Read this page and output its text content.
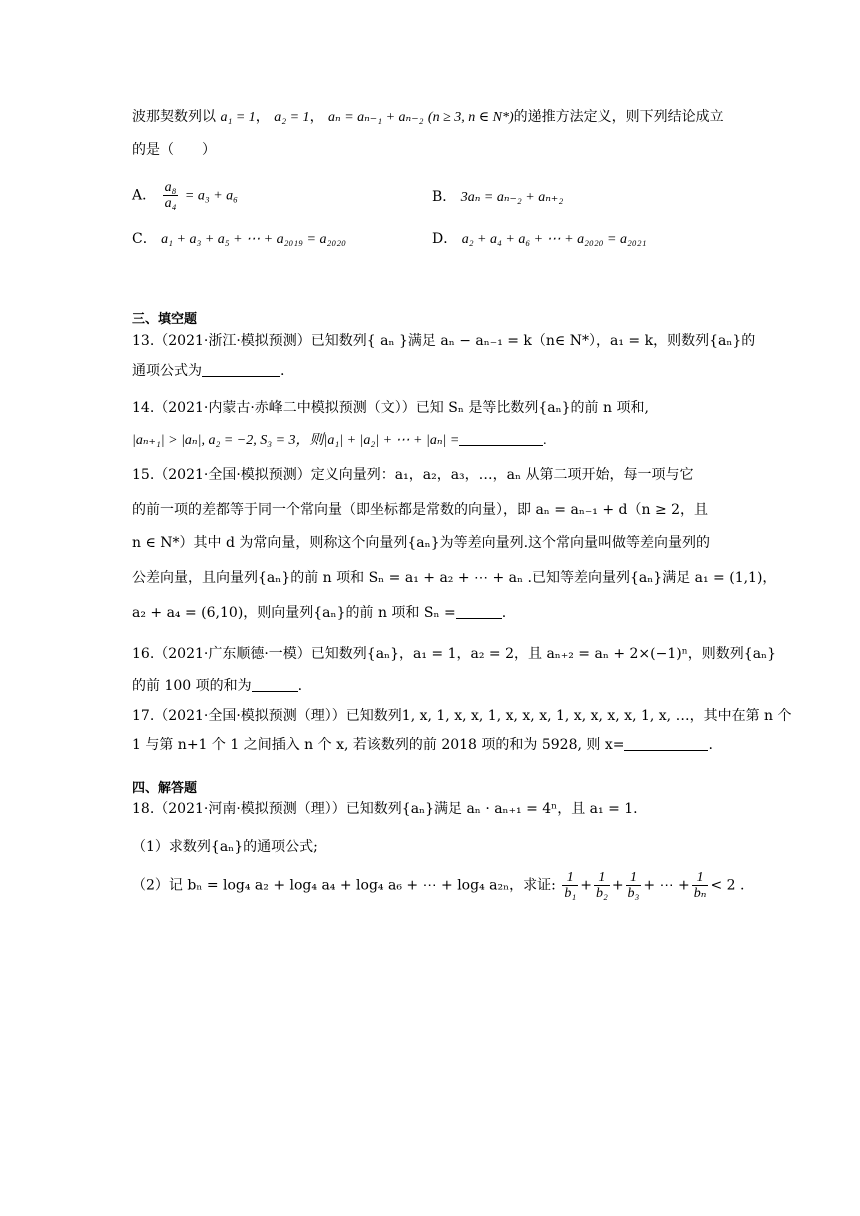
波那契数列以 a₁ = 1， a₂ = 1， aₙ = aₙ₋₁ + aₙ₋₂ (n ≥ 3, n ∈ N*)的递推方法定义，则下列结论成立
的是（　　）
A． $\frac{\text{a₈}}{\text{a₄}} = a_3 + a_6$	B． 3aₙ = aₙ₋₂ + aₙ₊₂
C． a₁ + a₃ + a₅ + ⋯ + a₂₀₁₉ = a₂₀₂₀	D． a₂ + a₄ + a₆ + ⋯ + a₂₀₂₀ = a₂₀₂₁
三、填空题
13.（2021·浙江·模拟预测）已知数列{ aₙ }满足 aₙ − aₙ₋₁ = k（n∈ N*），a₁ = k，则数列{aₙ}的
通项公式为	.
14.（2021·内蒙古·赤峰二中模拟预测（文））已知 Sₙ 是等比数列{aₙ}的前 n 项和,
|aₙ₊₁| > |aₙ|, a₂ = −2, S₃ = 3，则|a₁| + |a₂| + ⋯ + |aₙ| =	.
15.（2021·全国·模拟预测）定义向量列：a₁，a₂，a₃，…，aₙ 从第二项开始，每一项与它
的前一项的差都等于同一个常向量（即坐标都是常数的向量），即 aₙ = aₙ₋₁ + d（n ≥ 2，且
n ∈ N*）其中 d 为常向量，则称这个向量列{aₙ}为等差向量列.这个常向量叫做等差向量列的
公差向量，且向量列{aₙ}的前 n 项和 Sₙ = a₁ + a₂ + ⋯ + aₙ .已知等差向量列{aₙ}满足 a₁ = (1,1)，
a₂ + a₄ = (6,10)，则向量列{aₙ}的前 n 项和 Sₙ =	.
16.（2021·广东顺德·一模）已知数列{aₙ}，a₁ = 1，a₂ = 2，且 aₙ₊₂ = aₙ + 2×(−1)ⁿ，则数列{aₙ}
的前 100 项的和为	.
17.（2021·全国·模拟预测（理））已知数列1, x, 1, x, x, 1, x, x, x, 1, x, x, x, x, 1, x, …，其中在第 n 个
1 与第 n+1 个 1 之间插入 n 个 x, 若该数列的前 2018 项的和为 5928, 则 x=	.
四、解答题
18.（2021·河南·模拟预测（理））已知数列{aₙ}满足 aₙ · aₙ₊₁ = 4ⁿ，且 a₁ = 1.
（1）求数列{aₙ}的通项公式;
（2）记 bₙ = log₄ a₂ + log₄ a₄ + log₄ a₆ + ⋯ + log₄ a₂ₙ，求证: $\frac{1}{\text{b₁}} + \frac{1}{\text{b₂}} + \frac{1}{\text{b₃}}$ + ⋯ + $\frac{1}{\text{bₙ}} < 2$ .
